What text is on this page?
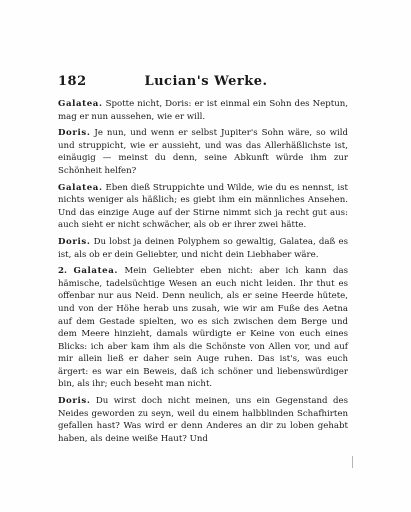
182	Lucian's Werke.

Galatea. Spotte nicht, Doris: er ist einmal ein Sohn des Neptun, mag er nun aussehen, wie er will.

Doris. Je nun, und wenn er selbst Jupiter's Sohn wäre, so wild und struppicht, wie er aussieht, und was das Allerhäßlichste ist, einäugig — meinst du denn, seine Abkunft würde ihm zur Schönheit helfen?

Galatea. Eben dieß Struppichte und Wilde, wie du es nennst, ist nichts weniger als häßlich; es giebt ihm ein männliches Ansehen. Und das einzige Auge auf der Stirne nimmt sich ja recht gut aus: auch sieht er nicht schwächer, als ob er ihrer zwei hätte.

Doris. Du lobst ja deinen Polyphem so gewaltig, Galatea, daß es ist, als ob er dein Geliebter, und nicht dein Liebhaber wäre.

2. Galatea. Mein Geliebter eben nicht: aber ich kann das hämische, tadelsüchtige Wesen an euch nicht leiden. Ihr thut es offenbar nur aus Neid. Denn neulich, als er seine Heerde hütete, und von der Höhe herab uns zusah, wie wir am Fuße des Aetna auf dem Gestade spielten, wo es sich zwischen dem Berge und dem Meere hinzieht, damals würdigte er Keine von euch eines Blicks: ich aber kam ihm als die Schönste von Allen vor, und auf mir allein ließ er daher sein Auge ruhen. Das ist's, was euch ärgert: es war ein Beweis, daß ich schöner und liebenswürdiger bin, als ihr; euch beseht man nicht.

Doris. Du wirst doch nicht meinen, uns ein Gegenstand des Neides geworden zu seyn, weil du einem halbblinden Schafhirten gefallen hast? Was wird er denn Anderes an dir zu loben gehabt haben, als deine weiße Haut? Und
